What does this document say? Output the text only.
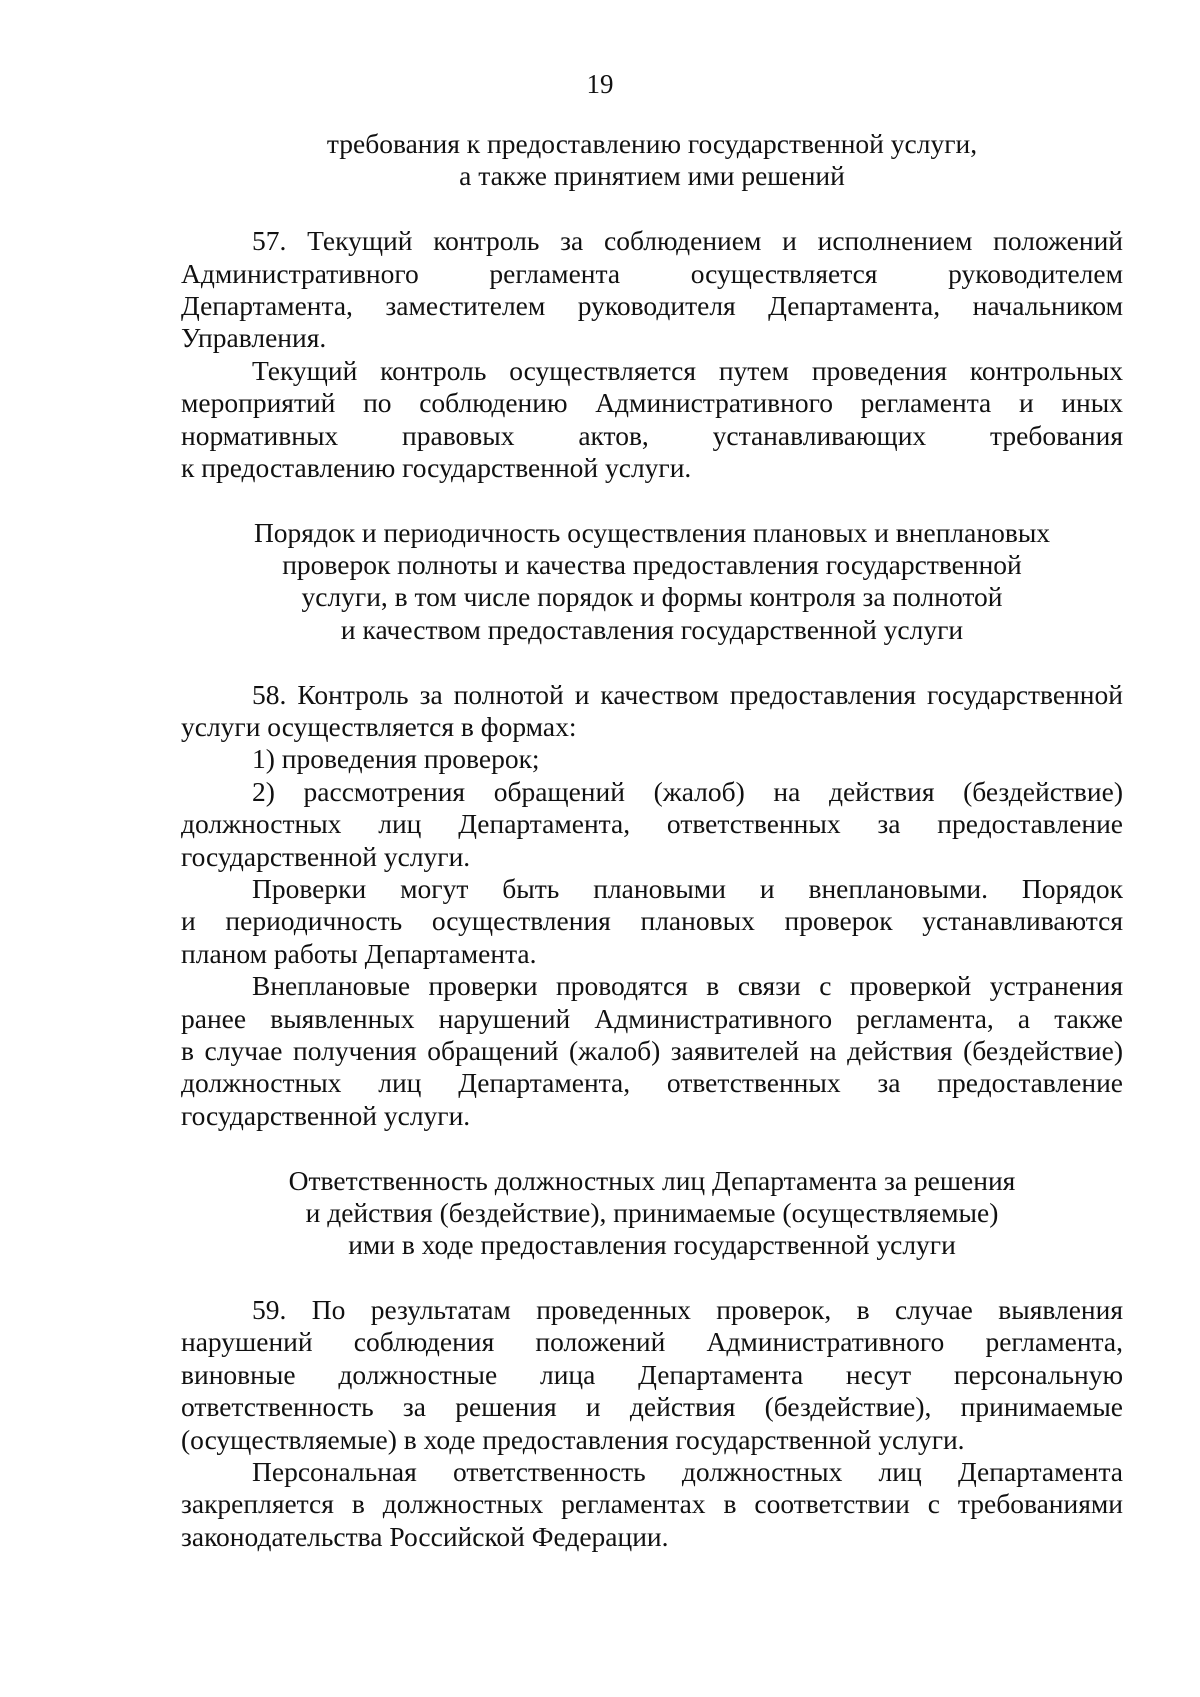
19
требования к предоставлению государственной услуги,
а также принятием ими решений
57. Текущий контроль за соблюдением и исполнением положений
Административного регламента осуществляется руководителем
Департамента, заместителем руководителя Департамента, начальником
Управления.
Текущий контроль осуществляется путем проведения контрольных
мероприятий по соблюдению Административного регламента и иных
нормативных правовых актов, устанавливающих требования
к предоставлению государственной услуги.
Порядок и периодичность осуществления плановых и внеплановых
проверок полноты и качества предоставления государственной
услуги, в том числе порядок и формы контроля за полнотой
и качеством предоставления государственной услуги
58. Контроль за полнотой и качеством предоставления государственной
услуги осуществляется в формах:
1) проведения проверок;
2) рассмотрения обращений (жалоб) на действия (бездействие)
должностных лиц Департамента, ответственных за предоставление
государственной услуги.
Проверки могут быть плановыми и внеплановыми. Порядок
и периодичность осуществления плановых проверок устанавливаются
планом работы Департамента.
Внеплановые проверки проводятся в связи с проверкой устранения
ранее выявленных нарушений Административного регламента, а также
в случае получения обращений (жалоб) заявителей на действия (бездействие)
должностных лиц Департамента, ответственных за предоставление
государственной услуги.
Ответственность должностных лиц Департамента за решения
и действия (бездействие), принимаемые (осуществляемые)
ими в ходе предоставления государственной услуги
59. По результатам проведенных проверок, в случае выявления
нарушений соблюдения положений Административного регламента,
виновные должностные лица Департамента несут персональную
ответственность за решения и действия (бездействие), принимаемые
(осуществляемые) в ходе предоставления государственной услуги.
Персональная ответственность должностных лиц Департамента
закрепляется в должностных регламентах в соответствии с требованиями
законодательства Российской Федерации.
